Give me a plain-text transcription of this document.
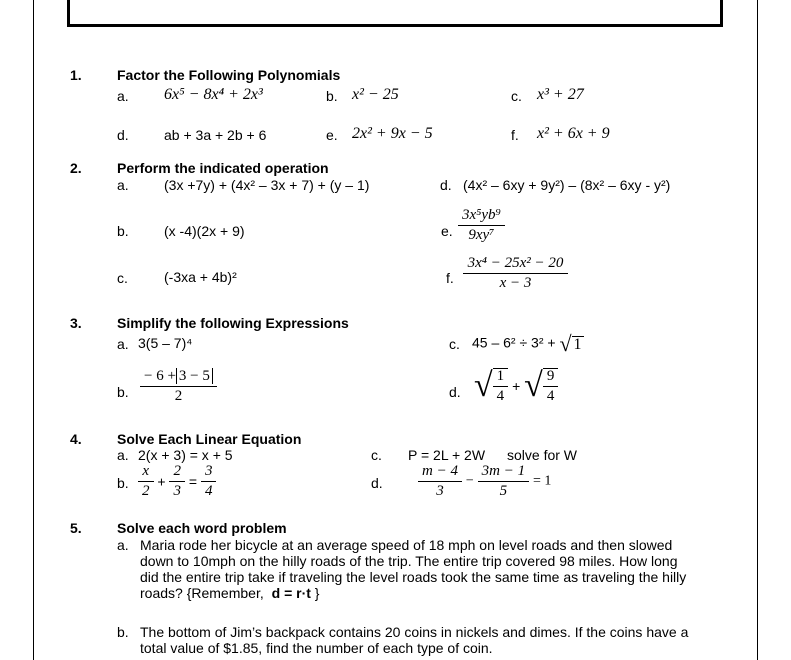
1.	Factor the Following Polynomials
a. 6x⁵ − 8x⁴ + 2x³	b. x² − 25	c. x³ + 27
d.	ab + 3a + 2b + 6	e. 2x² + 9x − 5	f. x² + 6x + 9
2.	Perform the indicated operation
a.	(3x +7y) + (4x² – 3x + 7) + (y – 1)	d. (4x² – 6xy + 9y²) – (8x² – 6xy - y²)
b.	(x -4)(2x + 9)	e. $\frac{\text{3x⁵yb⁹}}{\text{9xy⁷}}$
c.	(-3xa + 4b)²	f. $\frac{\text{3x⁴ − 25x² − 20}}{x - 3}$
3.	Simplify the following Expressions
a. 3(5 – 7)⁴	c. 45 – 6² ÷ 3² + √ 1
b. $\frac{- 6 + 3 - 5}{2}$	d. √ $\frac{1}{4}$ + √ $\frac{9}{4}$
4.	Solve Each Linear Equation
a. 2(x + 3) = x + 5	c. P = 2L + 2W solve for W
b. $\frac{x}{2} + \frac{2}{3} = \frac{3}{4}$	d. $\frac{m - 4}{3} - \frac{3m - 1}{5} = 1$
5.	Solve each word problem
a. Maria rode her bicycle at an average speed of 18 mph on level roads and then slowed
down to 10mph on the hilly roads of the trip. The entire trip covered 98 miles. How long
did the entire trip take if traveling the level roads took the same time as traveling the hilly
roads? {Remember, d = r·t }
b. The bottom of Jim’s backpack contains 20 coins in nickels and dimes. If the coins have a
total value of $1.85, find the number of each type of coin.
